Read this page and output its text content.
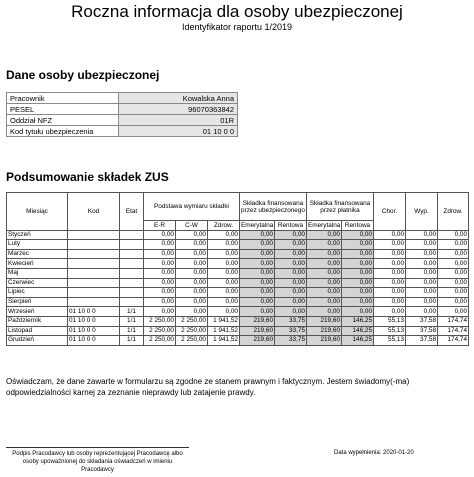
Roczna informacja dla osoby ubezpieczonej
Identyfikator raportu 1/2019
Dane osoby ubezpieczonej
Pracownik	Kowalska Anna
PESEL	96070363842
Oddział NFZ	01R
Kod tytułu ubezpieczenia	01 10 0 0
Podsumowanie składek ZUS
Miesiąc	Kod	Etat	Podstawa wymiaru składki			Składka finansowana przez ubezpieczonego		Składka finansowana przez płatnika		Chor.	Wyp.	Zdrow.
			E-R	C-W	Zdrow.	Emerytalna	Rentowa	Emerytalna	Rentowa			
Styczeń			0,00	0,00	0,00	0,00	0,00	0,00	0,00	0,00	0,00	0,00
Luty			0,00	0,00	0,00	0,00	0,00	0,00	0,00	0,00	0,00	0,00
Marzec			0,00	0,00	0,00	0,00	0,00	0,00	0,00	0,00	0,00	0,00
Kwiecień			0,00	0,00	0,00	0,00	0,00	0,00	0,00	0,00	0,00	0,00
Maj			0,00	0,00	0,00	0,00	0,00	0,00	0,00	0,00	0,00	0,00
Czerwiec			0,00	0,00	0,00	0,00	0,00	0,00	0,00	0,00	0,00	0,00
Lipiec			0,00	0,00	0,00	0,00	0,00	0,00	0,00	0,00	0,00	0,00
Sierpień			0,00	0,00	0,00	0,00	0,00	0,00	0,00	0,00	0,00	0,00
Wrzesień	01 10 0 0	1/1	0,00	0,00	0,00	0,00	0,00	0,00	0,00	0,00	0,00	0,00
Październik	01 10 0 0	1/1	2 250,00	2 250,00	1 941,52	219,60	33,75	219,60	146,25	55,13	37,58	174,74
Listopad	01 10 0 0	1/1	2 250,00	2 250,00	1 941,52	219,60	33,75	219,60	146,25	55,13	37,58	174,74
Grudzień	01 10 0 0	1/1	2 250,00	2 250,00	1 941,52	219,60	33,75	219,60	146,25	55,13	37,58	174,74
Oświadczam, że dane zawarte w formularzu są zgodne ze stanem prawnym i faktycznym. Jestem świadomy(-ma) odpowiedzialności karnej za zeznanie nieprawdy lub zatajenie prawdy.
Podpis Pracodawcy lub osoby reprezentującej Pracodawcę albo osoby upoważnionej do składania oświadczeń w imieniu Pracodawcy
Data wypełnienia: 2020-01-20
